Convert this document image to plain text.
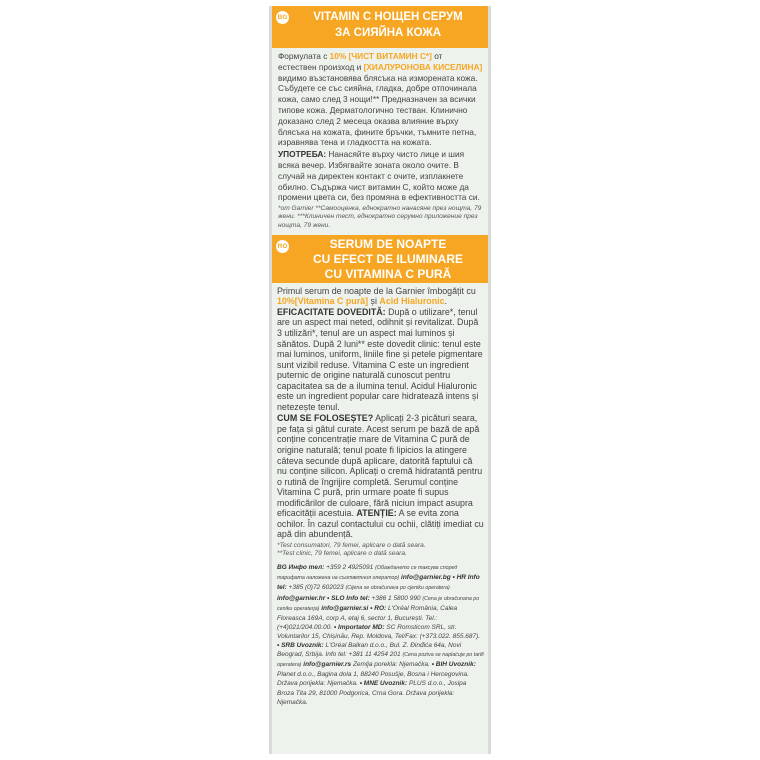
BG	VITAMIN C НОЩЕН СЕРУМ
ЗА СИЯЙНА КОЖА

Формулата с 10% [ЧИСТ ВИТАМИН С*] от естествен произход и [ХИАЛУРОНОВА КИСЕЛИНА] видимо възстановява блясъка на изморената кожа. Събудете се със сияйна, гладка, добре отпочинала кожа, само след 3 нощи!** Предназначен за всички типове кожа. Дерматологично тестван. Клинично доказано след 2 месеца оказва влияние върху блясъка на кожата, фините бръчки, тъмните петна, изравнява тена и гладкостта на кожата.

УПОТРЕБА: Нанасяйте върху чисто лице и шия всяка вечер. Избягвайте зоната около очите. В случай на директен контакт с очите, изплакнете обилно. Съдържа чист витамин С, който може да промени цвета си, без промяна в ефективността си.

*от Garnier **Самооценка, еднократно нанасяне през нощта, 79 жени. ***Клиничен тест, еднократно серумно приложение през нощта, 79 жени.
RO	SERUM DE NOAPTE
CU EFECT DE ILUMINARE
CU VITAMINA C PURĂ

Primul serum de noapte de la Garnier îmbogățit cu 10%[Vitamina C pură] și Acid Hialuronic. EFICACITATE DOVEDITĂ: După o utilizare*, tenul are un aspect mai neted, odihnit și revitalizat. După 3 utilizări*, tenul are un aspect mai luminos și sănătos. După 2 luni** este dovedit clinic: tenul este mai luminos, uniform, liniile fine și petele pigmentare sunt vizibil reduse. Vitamina C este un ingredient puternic de origine naturală cunoscut pentru capacitatea sa de a ilumina tenul. Acidul Hialuronic este un ingredient popular care hidratează intens și netezește tenul.

CUM SE FOLOSEȘTE? Aplicați 2-3 picături seara, pe fața și gâtul curate. Acest serum pe bază de apă conține concentrație mare de Vitamina C pură de origine naturală; tenul poate fi lipicios la atingere câteva secunde după aplicare, datorită faptului că nu conține silicon. Aplicați o cremă hidratantă pentru o rutină de îngrijire completă. Serumul conține Vitamina C pură, prin urmare poate fi supus modificărilor de culoare, fără niciun impact asupra eficacității acestuia. ATENȚIE: A se evita zona ochilor. În cazul contactului cu ochii, clătiți imediat cu apă din abundență.

*Test consumatori, 79 femei, aplicare o dată seara.
**Test clinic, 79 femei, aplicare o dată seara.
BG Инфо тел: +359 2 4925091 (Обаждането се таксува според тарифата наложена на съответния оператор) info@garnier.bg • HR Info tel: +385 (0)72 602023 (Cijena se obračunava po cjeniku operatera) info@garnier.hr • SLO Info tel: +386 1 5800 990 (Cena je obračunana po ceniku operaterja) info@garnier.si • RO: L'Oréal România, Calea Floreasca 169A, corp A, etaj 6, sector 1, București. Tel.: (+4)021/204.00.00. • Importator MD: SC Romsticom SRL, str. Voluntarilor 15, Chișinău, Rep. Moldova, Tel/Fax: (+373.022. 855.687). • SRB Uvoznik: L'Oréal Balkan d.o.o., Bul. Z. Đinđića 64a, Novi Beograd, Srbija. Info tel: +381 11 4254 201 (Cena poziva se naplaćuje po tarifi operatera) info@garnier.rs Zemlja porekla: Njemačka. • BIH Uvoznik: Planet d.o.o., Bagina dola 1, 88240 Posušje, Bosna i Hercegovina. Država porijekla: Njemačka. • MNE Uvoznik: PLUS d.o.o., Josipa Broza Tita 29, 81000 Podgorica, Crna Gora. Država porijekla: Njemačka.
